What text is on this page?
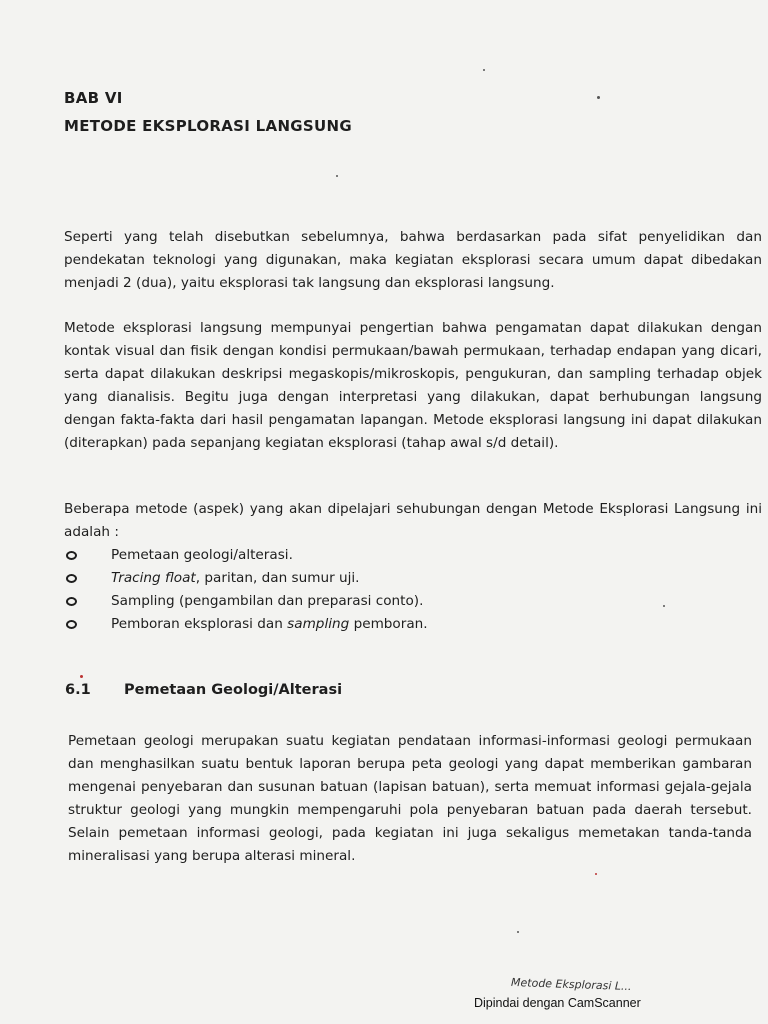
BAB VI
METODE EKSPLORASI LANGSUNG
Seperti yang telah disebutkan sebelumnya, bahwa berdasarkan pada sifat penyelidikan dan pendekatan teknologi yang digunakan, maka kegiatan eksplorasi secara umum dapat dibedakan menjadi 2 (dua), yaitu eksplorasi tak langsung dan eksplorasi langsung.
Metode eksplorasi langsung mempunyai pengertian bahwa pengamatan dapat dilakukan dengan kontak visual dan fisik dengan kondisi permukaan/bawah permukaan, terhadap endapan yang dicari, serta dapat dilakukan deskripsi megaskopis/mikroskopis, pengukuran, dan sampling terhadap objek yang dianalisis. Begitu juga dengan interpretasi yang dilakukan, dapat berhubungan langsung dengan fakta-fakta dari hasil pengamatan lapangan. Metode eksplorasi langsung ini dapat dilakukan (diterapkan) pada sepanjang kegiatan eksplorasi (tahap awal s/d detail).
Beberapa metode (aspek) yang akan dipelajari sehubungan dengan Metode Eksplorasi Langsung ini adalah :
Pemetaan geologi/alterasi.
Tracing float, paritan, dan sumur uji.
Sampling (pengambilan dan preparasi conto).
Pemboran eksplorasi dan sampling pemboran.
6.1 Pemetaan Geologi/Alterasi
Pemetaan geologi merupakan suatu kegiatan pendataan informasi-informasi geologi permukaan dan menghasilkan suatu bentuk laporan berupa peta geologi yang dapat memberikan gambaran mengenai penyebaran dan susunan batuan (lapisan batuan), serta memuat informasi gejala-gejala struktur geologi yang mungkin mempengaruhi pola penyebaran batuan pada daerah tersebut. Selain pemetaan informasi geologi, pada kegiatan ini juga sekaligus memetakan tanda-tanda mineralisasi yang berupa alterasi mineral.
Metode Eksplorasi L...
Dipindai dengan CamScanner
